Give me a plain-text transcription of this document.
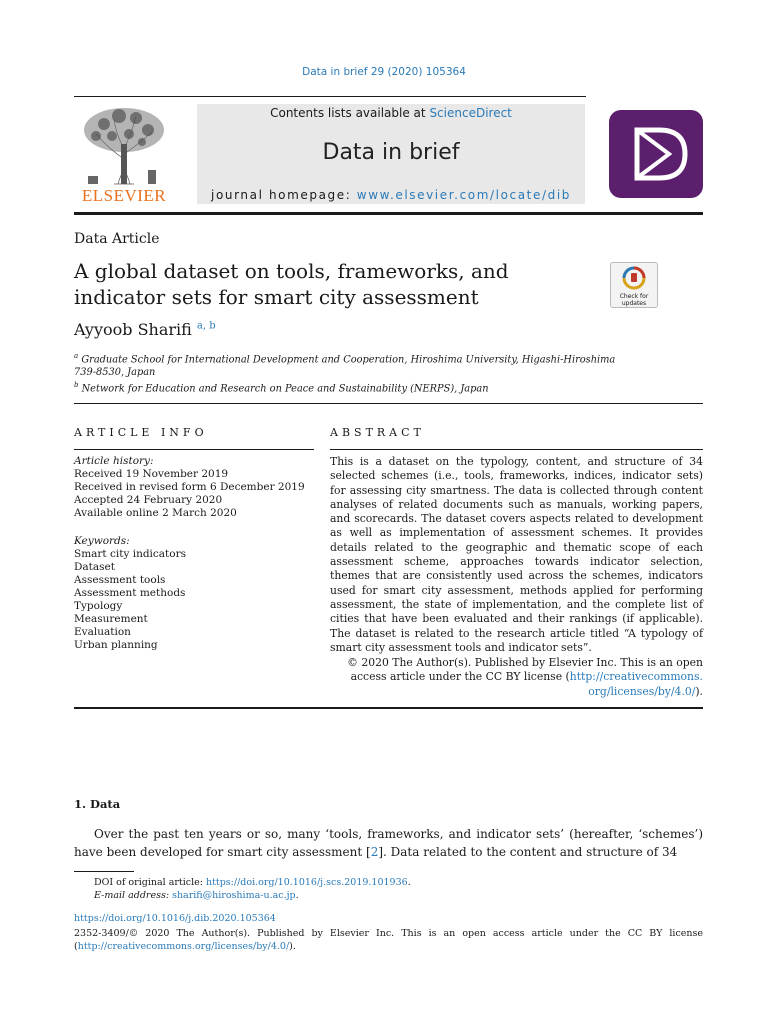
Data in brief 29 (2020) 105364
ELSEVIER
Contents lists available at ScienceDirect
Data in brief
journal homepage: www.elsevier.com/locate/dib
Data Article
A global dataset on tools, frameworks, and
indicator sets for smart city assessment	Check for updates
Ayyoob Sharifi $^{a, b}$
$^a$ Graduate School for International Development and Cooperation, Hiroshima University, Higashi-Hiroshima
739-8530, Japan
$^b$ Network for Education and Research on Peace and Sustainability (NERPS), Japan
ARTICLE INFO	ABSTRACT
Article history:
Received 19 November 2019
Received in revised form 6 December 2019
Accepted 24 February 2020
Available online 2 March 2020
Keywords:
Smart city indicators
Dataset
Assessment tools
Assessment methods
Typology
Measurement
Evaluation
Urban planning
This is a dataset on the typology, content, and structure of 34 selected schemes (i.e., tools, frameworks, indices, indicator sets) for assessing city smartness. The data is collected through content analyses of related documents such as manuals, working papers, and scorecards. The dataset covers aspects related to development as well as implementation of assessment schemes. It provides details related to the geographic and thematic scope of each assessment scheme, approaches towards indicator selection, themes that are consistently used across the schemes, indicators used for smart city assessment, methods applied for performing assessment, the state of implementation, and the complete list of cities that have been evaluated and their rankings (if applicable). The dataset is related to the research article titled “A typology of smart city assessment tools and indicator sets”.
© 2020 The Author(s). Published by Elsevier Inc. This is an open
access article under the CC BY license (http://creativecommons.
org/licenses/by/4.0/).
1. Data
Over the past ten years or so, many ‘tools, frameworks, and indicator sets’ (hereafter, ‘schemes’) have been developed for smart city assessment [2]. Data related to the content and structure of 34
DOI of original article: https://doi.org/10.1016/j.scs.2019.101936.
E-mail address: sharifi@hiroshima-u.ac.jp.
https://doi.org/10.1016/j.dib.2020.105364
2352-3409/© 2020 The Author(s). Published by Elsevier Inc. This is an open access article under the CC BY license (http://creativecommons.org/licenses/by/4.0/).
